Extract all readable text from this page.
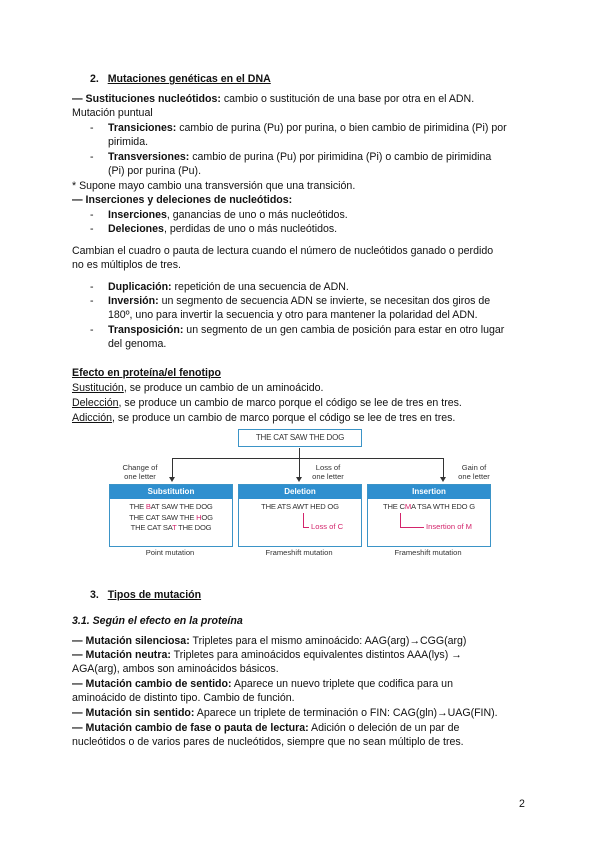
2. Mutaciones genéticas en el DNA
— Sustituciones nucleótidos: cambio o sustitución de una base por otra en el ADN.
Mutación puntual
- Transiciones: cambio de purina (Pu) por purina, o bien cambio de pirimidina (Pi) por
pirimida.
- Transversiones: cambio de purina (Pu) por pirimidina (Pi) o cambio de pirimidina
(Pi) por purina (Pu).
* Supone mayo cambio una transversión que una transición.
— Inserciones y deleciones de nucleótidos:
- Inserciones, ganancias de uno o más nucleótidos.
- Deleciones, perdidas de uno o más nucleótidos.
Cambian el cuadro o pauta de lectura cuando el número de nucleótidos ganado o perdido
no es múltiplos de tres.
- Duplicación: repetición de una secuencia de ADN.
- Inversión: un segmento de secuencia ADN se invierte, se necesitan dos giros de
180º, uno para invertir la secuencia y otro para mantener la polaridad del ADN.
- Transposición: un segmento de un gen cambia de posición para estar en otro lugar
del genoma.
Efecto en proteína/el fenotipo
Sustitución, se produce un cambio de un aminoácido.
Delección, se produce un cambio de marco porque el código se lee de tres en tres.
Adicción, se produce un cambio de marco porque el código se lee de tres en tres.
THE CAT SAW THE DOG
Change of
one letter
Loss of
one letter
Gain of
one letter
Substitution
THE BAT SAW THE DOG
THE CAT SAW THE HOG
THE CAT SAT THE DOG
Point mutation
Deletion
THE ATS AWT HED OG
Loss of C
Frameshift mutation
Insertion
THE CMA TSA WTH EDO G
Insertion of M
Frameshift mutation
3. Tipos de mutación
3.1. Según el efecto en la proteína
— Mutación silenciosa: Tripletes para el mismo aminoácido: AAG(arg)→CGG(arg)
— Mutación neutra: Tripletes para aminoácidos equivalentes distintos AAA(lys) →
AGA(arg), ambos son aminoácidos básicos.
— Mutación cambio de sentido: Aparece un nuevo triplete que codifica para un
aminoácido de distinto tipo. Cambio de función.
— Mutación sin sentido: Aparece un triplete de terminación o FIN: CAG(gln)→UAG(FIN).
— Mutación cambio de fase o pauta de lectura: Adición o deleción de un par de
nucleótidos o de varios pares de nucleótidos, siempre que no sean múltiplo de tres.
2
